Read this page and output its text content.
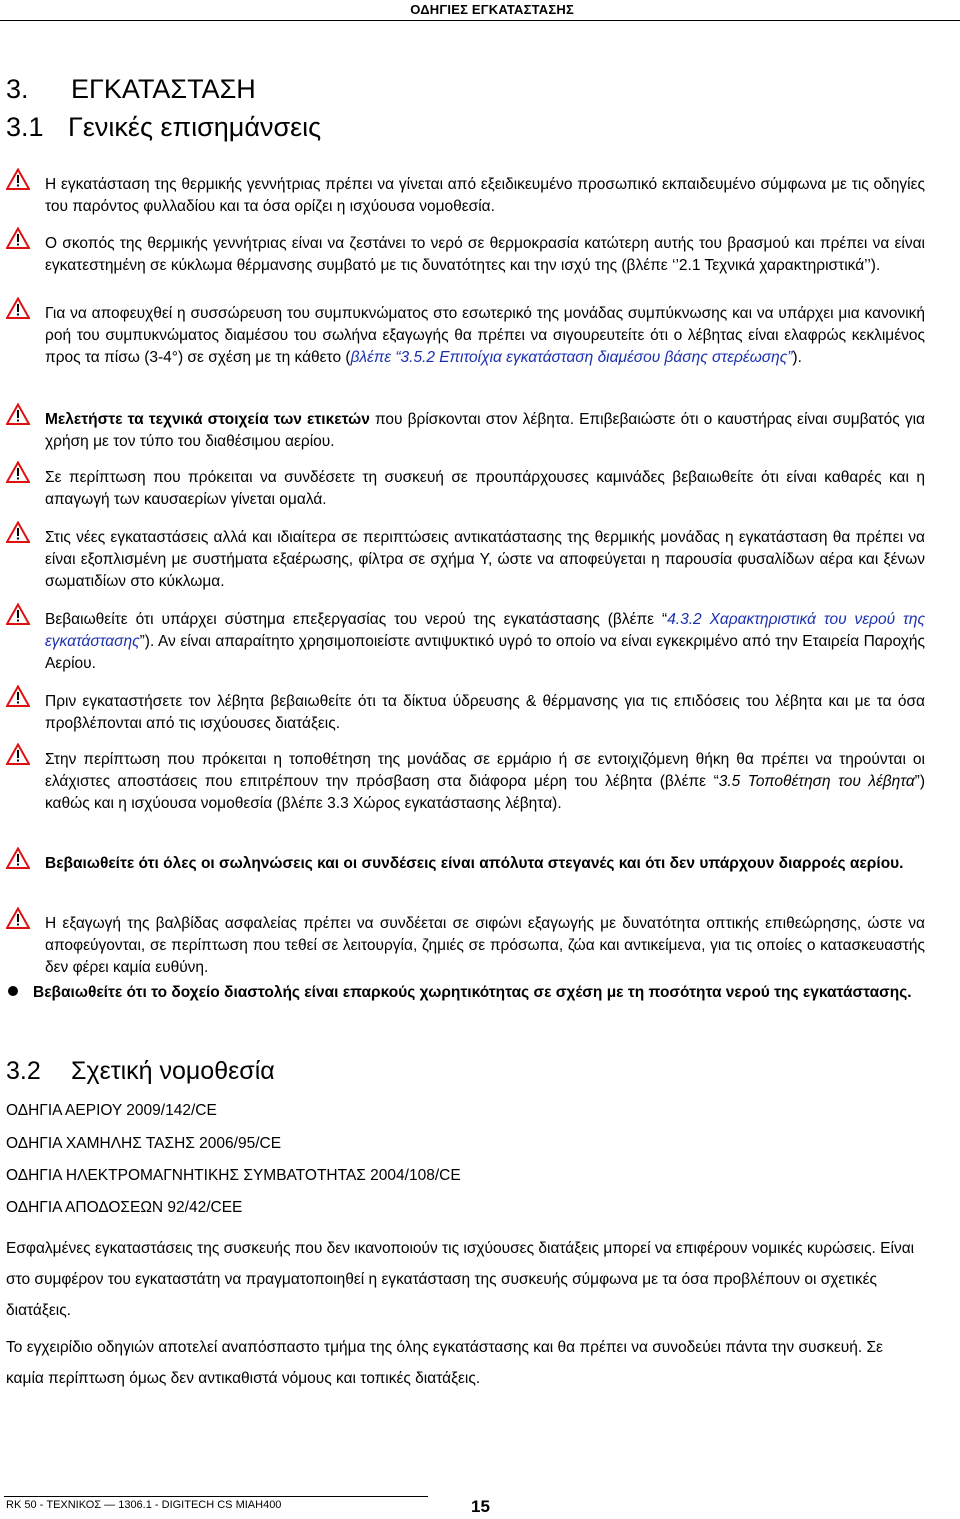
ΟΔΗΓΙΕΣ ΕΓΚΑΤΑΣΤΑΣΗΣ
3. ΕΓΚΑΤΑΣΤΑΣΗ
3.1 Γενικές επισημάνσεις
Η εγκατάσταση της θερμικής γεννήτριας πρέπει να γίνεται από εξειδικευμένο προσωπικό εκπαιδευμένο σύμφωνα με τις οδηγίες του παρόντος φυλλαδίου και τα όσα ορίζει η ισχύουσα νομοθεσία.
Ο σκοπός της θερμικής γεννήτριας είναι να ζεστάνει το νερό σε θερμοκρασία κατώτερη αυτής του βρασμού και πρέπει να είναι εγκατεστημένη σε κύκλωμα θέρμανσης συμβατό με τις δυνατότητες και την ισχύ της (βλέπε ‘’2.1 Τεχνικά χαρακτηριστικά’’).
Για να αποφευχθεί η συσσώρευση του συμπυκνώματος στο εσωτερικό της μονάδας συμπύκνωσης και να υπάρχει μια κανονική ροή του συμπυκνώματος διαμέσου του σωλήνα εξαγωγής θα πρέπει να σιγουρευτείτε ότι ο λέβητας είναι ελαφρώς κεκλιμένος προς τα πίσω (3-4°) σε σχέση με τη κάθετο (βλέπε “3.5.2 Επιτοίχια εγκατάσταση διαμέσου βάσης στερέωσης”).
Μελετήστε τα τεχνικά στοιχεία των ετικετών που βρίσκονται στον λέβητα. Επιβεβαιώστε ότι ο καυστήρας είναι συμβατός για χρήση με τον τύπο του διαθέσιμου αερίου.
Σε περίπτωση που πρόκειται να συνδέσετε τη συσκευή σε προυπάρχουσες καμινάδες βεβαιωθείτε ότι είναι καθαρές και η απαγωγή των καυσαερίων γίνεται ομαλά.
Στις νέες εγκαταστάσεις αλλά και ιδιαίτερα σε περιπτώσεις αντικατάστασης της θερμικής μονάδας η εγκατάσταση θα πρέπει να είναι εξοπλισμένη με συστήματα εξαέρωσης, φίλτρα σε σχήμα Υ, ώστε να αποφεύγεται η παρουσία φυσαλίδων αέρα και ξένων σωματιδίων στο κύκλωμα.
Βεβαιωθείτε ότι υπάρχει σύστημα επεξεργασίας του νερού της εγκατάστασης (βλέπε “4.3.2 Χαρακτηριστικά του νερού της εγκατάστασης”). Αν είναι απαραίτητο χρησιμοποιείστε αντιψυκτικό υγρό το οποίο να είναι εγκεκριμένο από την Εταιρεία Παροχής Αερίου.
Πριν εγκαταστήσετε τον λέβητα βεβαιωθείτε ότι τα δίκτυα ύδρευσης & θέρμανσης για τις επιδόσεις του λέβητα και με τα όσα προβλέπονται από τις ισχύουσες διατάξεις.
Στην περίπτωση που πρόκειται η τοποθέτηση της μονάδας σε ερμάριο ή σε εντοιχιζόμενη θήκη θα πρέπει να τηρούνται οι ελάχιστες αποστάσεις που επιτρέπουν την πρόσβαση στα διάφορα μέρη του λέβητα (βλέπε “3.5 Τοποθέτηση του λέβητα”) καθώς και η ισχύουσα νομοθεσία (βλέπε 3.3 Χώρος εγκατάστασης λέβητα).
Βεβαιωθείτε ότι όλες οι σωληνώσεις και οι συνδέσεις είναι απόλυτα στεγανές και ότι δεν υπάρχουν διαρροές αερίου.
Η εξαγωγή της βαλβίδας ασφαλείας πρέπει να συνδέεται σε σιφώνι εξαγωγής με δυνατότητα οπτικής επιθεώρησης, ώστε να αποφεύγονται, σε περίπτωση που τεθεί σε λειτουργία, ζημιές σε πρόσωπα, ζώα και αντικείμενα, για τις οποίες ο κατασκευαστής δεν φέρει καμία ευθύνη.
Βεβαιωθείτε ότι το δοχείο διαστολής είναι επαρκούς χωρητικότητας σε σχέση με τη ποσότητα νερού της εγκατάστασης.
3.2 Σχετική νομοθεσία
ΟΔΗΓΙΑ ΑΕΡΙΟΥ 2009/142/CE
ΟΔΗΓΙΑ ΧΑΜΗΛΗΣ ΤΑΣΗΣ 2006/95/CE
ΟΔΗΓΙΑ ΗΛΕΚΤΡΟΜΑΓΝΗΤΙΚΗΣ ΣΥΜΒΑΤΟΤΗΤΑΣ 2004/108/CE
ΟΔΗΓΙΑ ΑΠΟΔΟΣΕΩΝ 92/42/CEE
Εσφαλμένες εγκαταστάσεις της συσκευής που δεν ικανοποιούν τις ισχύουσες διατάξεις μπορεί να επιφέρουν νομικές κυρώσεις. Είναι στο συμφέρον του εγκαταστάτη να πραγματοποιηθεί η εγκατάσταση της συσκευής σύμφωνα με τα όσα προβλέπουν οι σχετικές διατάξεις.
Το εγχειρίδιο οδηγιών αποτελεί αναπόσπαστο τμήμα της όλης εγκατάστασης και θα πρέπει να συνοδεύει πάντα την συσκευή. Σε καμία περίπτωση όμως δεν αντικαθιστά νόμους και τοπικές διατάξεις.
RK 50 - ΤΕΧΝΙΚΟΣ — 1306.1 - DIGITECH CS MIAH400	15
